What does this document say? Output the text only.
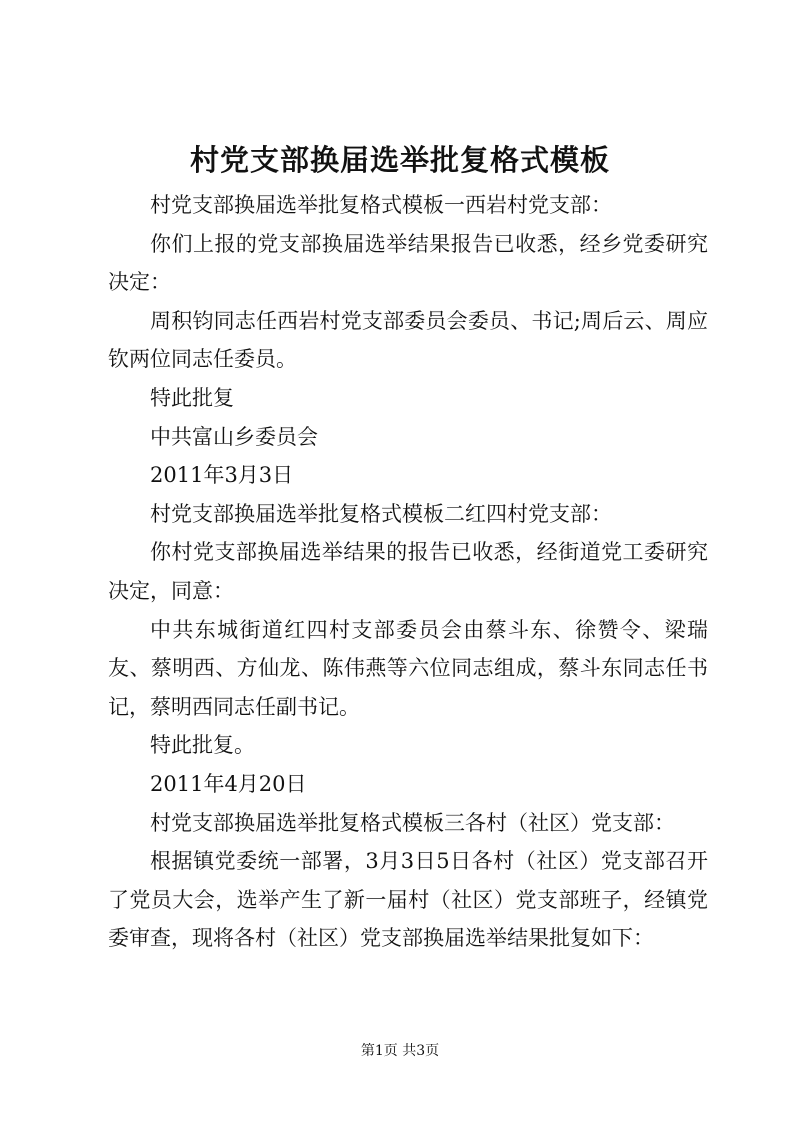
村党支部换届选举批复格式模板

村党支部换届选举批复格式模板一西岩村党支部：

你们上报的党支部换届选举结果报告已收悉，经乡党委研究决定：

周积钧同志任西岩村党支部委员会委员、书记;周后云、周应钦两位同志任委员。

特此批复

中共富山乡委员会

2011年3月3日

村党支部换届选举批复格式模板二红四村党支部：

你村党支部换届选举结果的报告已收悉，经街道党工委研究决定，同意：

中共东城街道红四村支部委员会由蔡斗东、徐赞令、梁瑞友、蔡明西、方仙龙、陈伟燕等六位同志组成，蔡斗东同志任书记，蔡明西同志任副书记。

特此批复。

2011年4月20日

村党支部换届选举批复格式模板三各村（社区）党支部：

根据镇党委统一部署，3月3日5日各村（社区）党支部召开了党员大会，选举产生了新一届村（社区）党支部班子，经镇党委审查，现将各村（社区）党支部换届选举结果批复如下：

第1页 共3页
